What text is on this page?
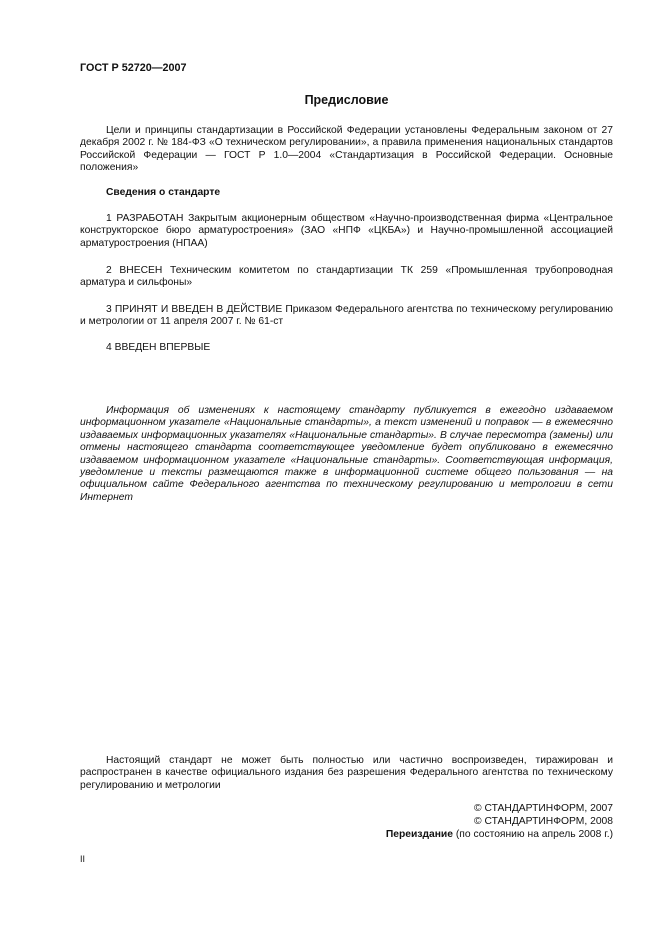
ГОСТ Р 52720—2007
Предисловие

Цели и принципы стандартизации в Российской Федерации установлены Федеральным законом от 27 декабря 2002 г. № 184-ФЗ «О техническом регулировании», а правила применения национальных стандартов Российской Федерации — ГОСТ Р 1.0—2004 «Стандартизация в Российской Федерации. Основные положения»

Сведения о стандарте

1 РАЗРАБОТАН Закрытым акционерным обществом «Научно-производственная фирма «Центральное конструкторское бюро арматуростроения» (ЗАО «НПФ «ЦКБА») и Научно-промышленной ассоциацией арматуростроения (НПАА)

2 ВНЕСЕН Техническим комитетом по стандартизации ТК 259 «Промышленная трубопроводная арматура и сильфоны»

3 ПРИНЯТ И ВВЕДЕН В ДЕЙСТВИЕ Приказом Федерального агентства по техническому регулированию и метрологии от 11 апреля 2007 г. № 61-ст

4 ВВЕДЕН ВПЕРВЫЕ

Информация об изменениях к настоящему стандарту публикуется в ежегодно издаваемом информационном указателе «Национальные стандарты», а текст изменений и поправок — в ежемесячно издаваемых информационных указателях «Национальные стандарты». В случае пересмотра (замены) или отмены настоящего стандарта соответствующее уведомление будет опубликовано в ежемесячно издаваемом информационном указателе «Национальные стандарты». Соответствующая информация, уведомление и тексты размещаются также в информационной системе общего пользования — на официальном сайте Федерального агентства по техническому регулированию и метрологии в сети Интернет

Настоящий стандарт не может быть полностью или частично воспроизведен, тиражирован и распространен в качестве официального издания без разрешения Федерального агентства по техническому регулированию и метрологии

© СТАНДАРТИНФОРМ, 2007
© СТАНДАРТИНФОРМ, 2008
Переиздание (по состоянию на апрель 2008 г.)
II
